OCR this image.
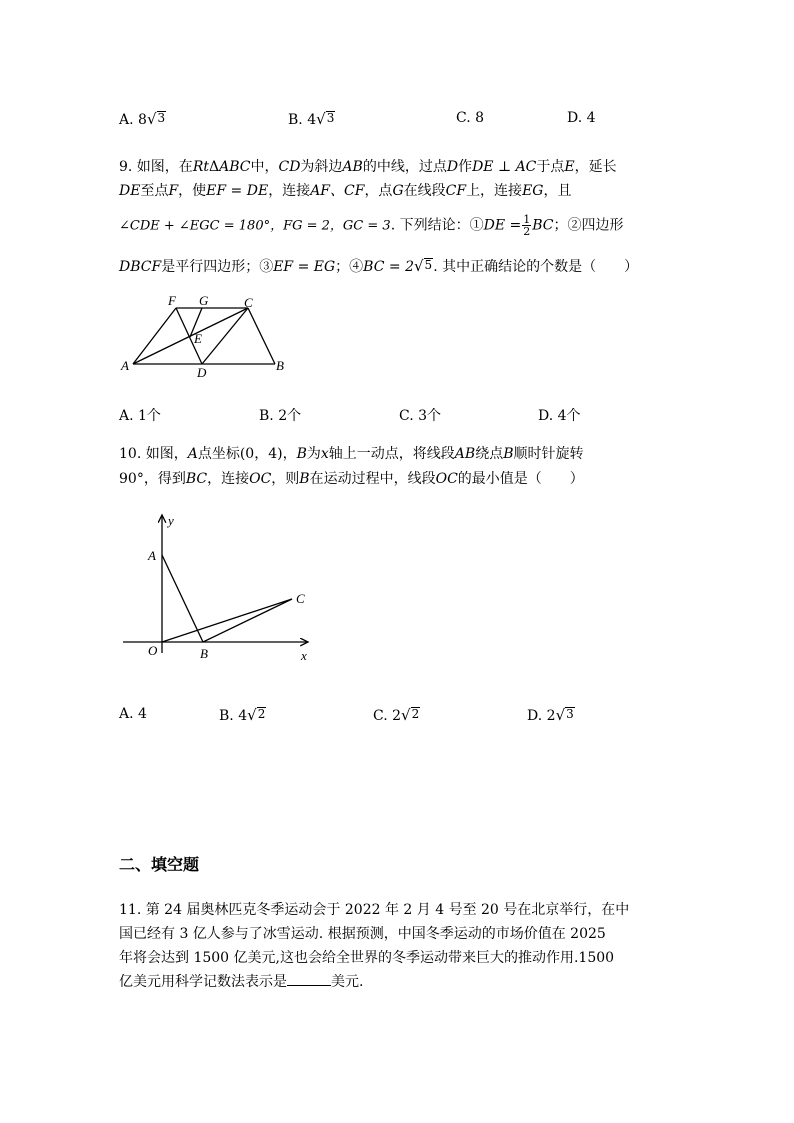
A. 8√3	B. 4√3	C. 8	D. 4
9. 如图，在RtΔABC中，CD为斜边AB的中线，过点D作DE ⊥ AC于点E，延长
DE至点F，使EF = DE，连接AF、CF，点G在线段CF上，连接EG，且
∠CDE + ∠EGC = 180°，FG = 2，GC = 3. 下列结论：①DE = $\frac{1}{2}$ BC；②四边形
DBCF是平行四边形；③EF = EG；④BC = 2√5. 其中正确结论的个数是（　　）
F G	C
E
A	D	B
A. 1个	B. 2个	C. 3个	D. 4个
10. 如图，A点坐标(0，4)，B为x轴上一动点，将线段AB绕点B顺时针旋转
90°，得到BC，连接OC，则B在运动过程中，线段OC的最小值是（　　）
y
A
C
O	B	x
A. 4	B. 4√2	C. 2√2	D. 2√3
二、填空题
11. 第 24 届奥林匹克冬季运动会于 2022 年 2 月 4 号至 20 号在北京举行，在中
国已经有 3 亿人参与了冰雪运动. 根据预测，中国冬季运动的市场价值在 2025
年将会达到 1500 亿美元,这也会给全世界的冬季运动带来巨大的推动作用.1500
亿美元用科学记数法表示是	美元.
